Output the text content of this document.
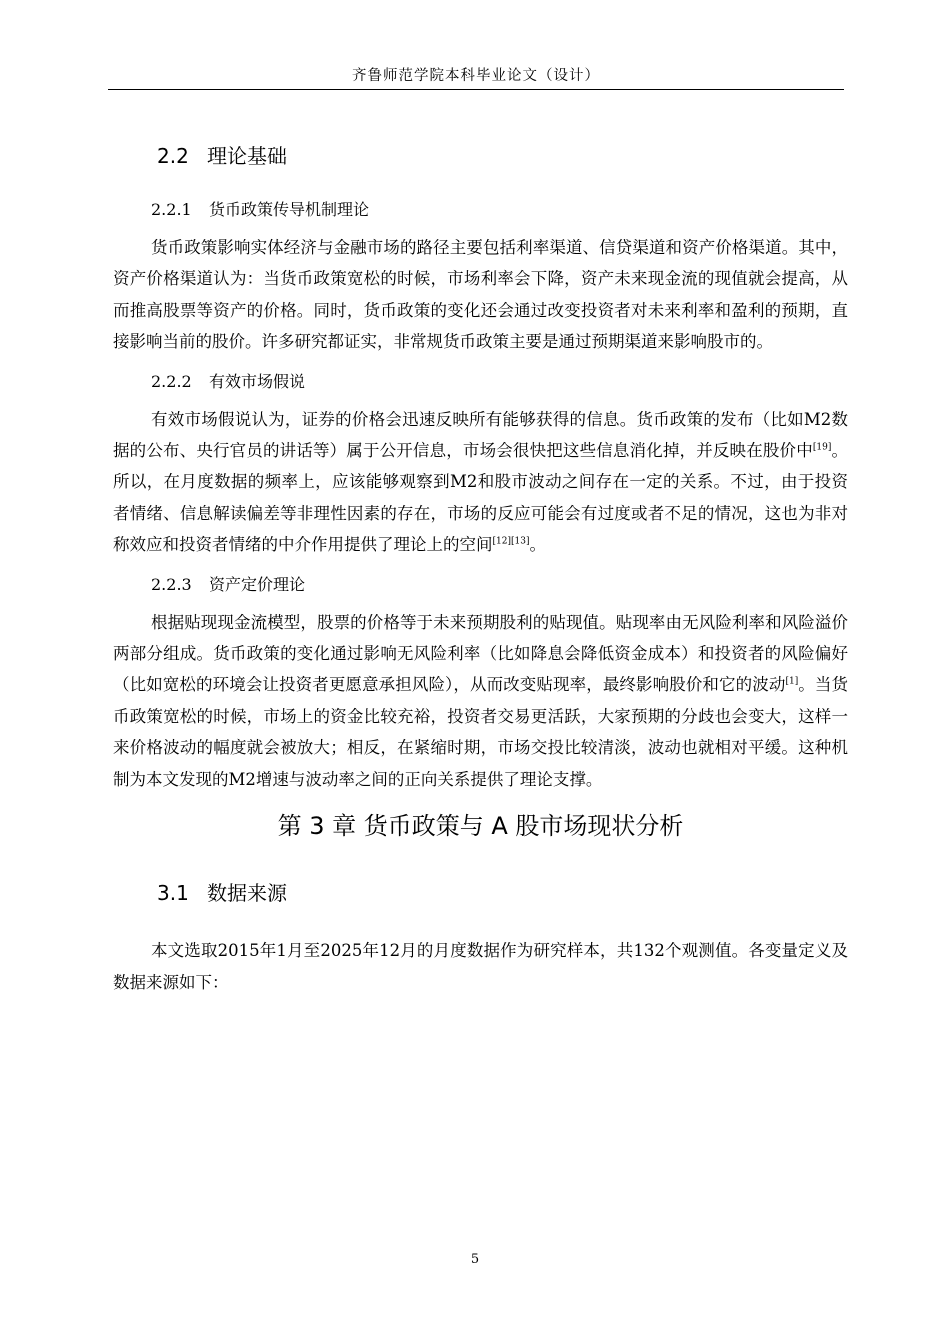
齐鲁师范学院本科毕业论文（设计）
2.2 理论基础
2.2.1 货币政策传导机制理论

货币政策影响实体经济与金融市场的路径主要包括利率渠道、信贷渠道和资产价格渠道。其中，资产价格渠道认为：当货币政策宽松的时候，市场利率会下降，资产未来现金流的现值就会提高，从而推高股票等资产的价格。同时，货币政策的变化还会通过改变投资者对未来利率和盈利的预期，直接影响当前的股价。许多研究都证实，非常规货币政策主要是通过预期渠道来影响股市的。

2.2.2 有效市场假说

有效市场假说认为，证券的价格会迅速反映所有能够获得的信息。货币政策的发布（比如M2数据的公布、央行官员的讲话等）属于公开信息，市场会很快把这些信息消化掉，并反映在股价中[19]。所以，在月度数据的频率上，应该能够观察到M2和股市波动之间存在一定的关系。不过，由于投资者情绪、信息解读偏差等非理性因素的存在，市场的反应可能会有过度或者不足的情况，这也为非对称效应和投资者情绪的中介作用提供了理论上的空间[12][13]。

2.2.3 资产定价理论

根据贴现现金流模型，股票的价格等于未来预期股利的贴现值。贴现率由无风险利率和风险溢价两部分组成。货币政策的变化通过影响无风险利率（比如降息会降低资金成本）和投资者的风险偏好（比如宽松的环境会让投资者更愿意承担风险），从而改变贴现率，最终影响股价和它的波动[1]。当货币政策宽松的时候，市场上的资金比较充裕，投资者交易更活跃，大家预期的分歧也会变大，这样一来价格波动的幅度就会被放大；相反，在紧缩时期，市场交投比较清淡，波动也就相对平缓。这种机制为本文发现的M2增速与波动率之间的正向关系提供了理论支撑。

第 3 章 货币政策与 A 股市场现状分析
3.1 数据来源

本文选取2015年1月至2025年12月的月度数据作为研究样本，共132个观测值。各变量定义及数据来源如下：

5
